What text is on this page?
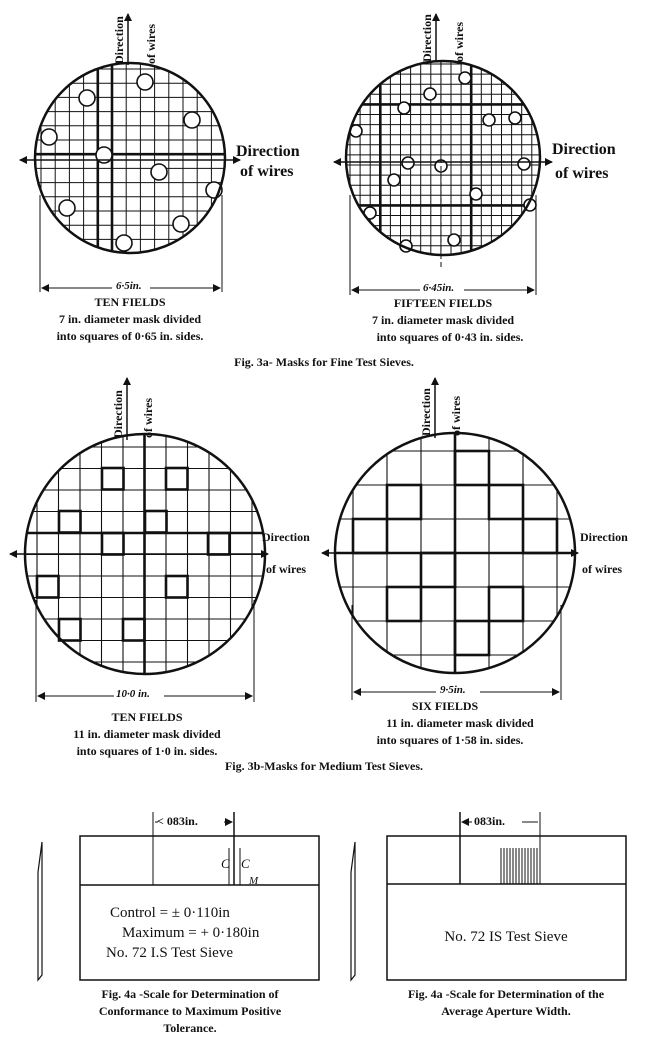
Direction of wires
Direction
of wires
6·5in.
TEN FIELDS
7 in. diameter mask divided
into squares of 0·65 in. sides.
Direction of wires
Direction
of wires
6·45in.
FIFTEEN FIELDS
7 in. diameter mask divided
into squares of 0·43 in. sides.
Fig. 3a- Masks for Fine Test Sieves.
Direction of wires
Direction
of wires
10·0 in.
TEN FIELDS
11 in. diameter mask divided
into squares of 1·0 in. sides.
Direction of wires
Direction
of wires
9·5in.
SIX FIELDS
11 in. diameter mask divided
into squares of 1·58 in. sides.
Fig. 3b-Masks for Medium Test Sieves.
< 083in.
C C
M
Control = ± 0·110in
Maximum = + 0·180in
No. 72 I.S Test Sieve
Fig. 4a -Scale for Determination of
Conformance to Maximum Positive
Tolerance.
083in.
No. 72 IS Test Sieve
Fig. 4a -Scale for Determination of the
Average Aperture Width.
